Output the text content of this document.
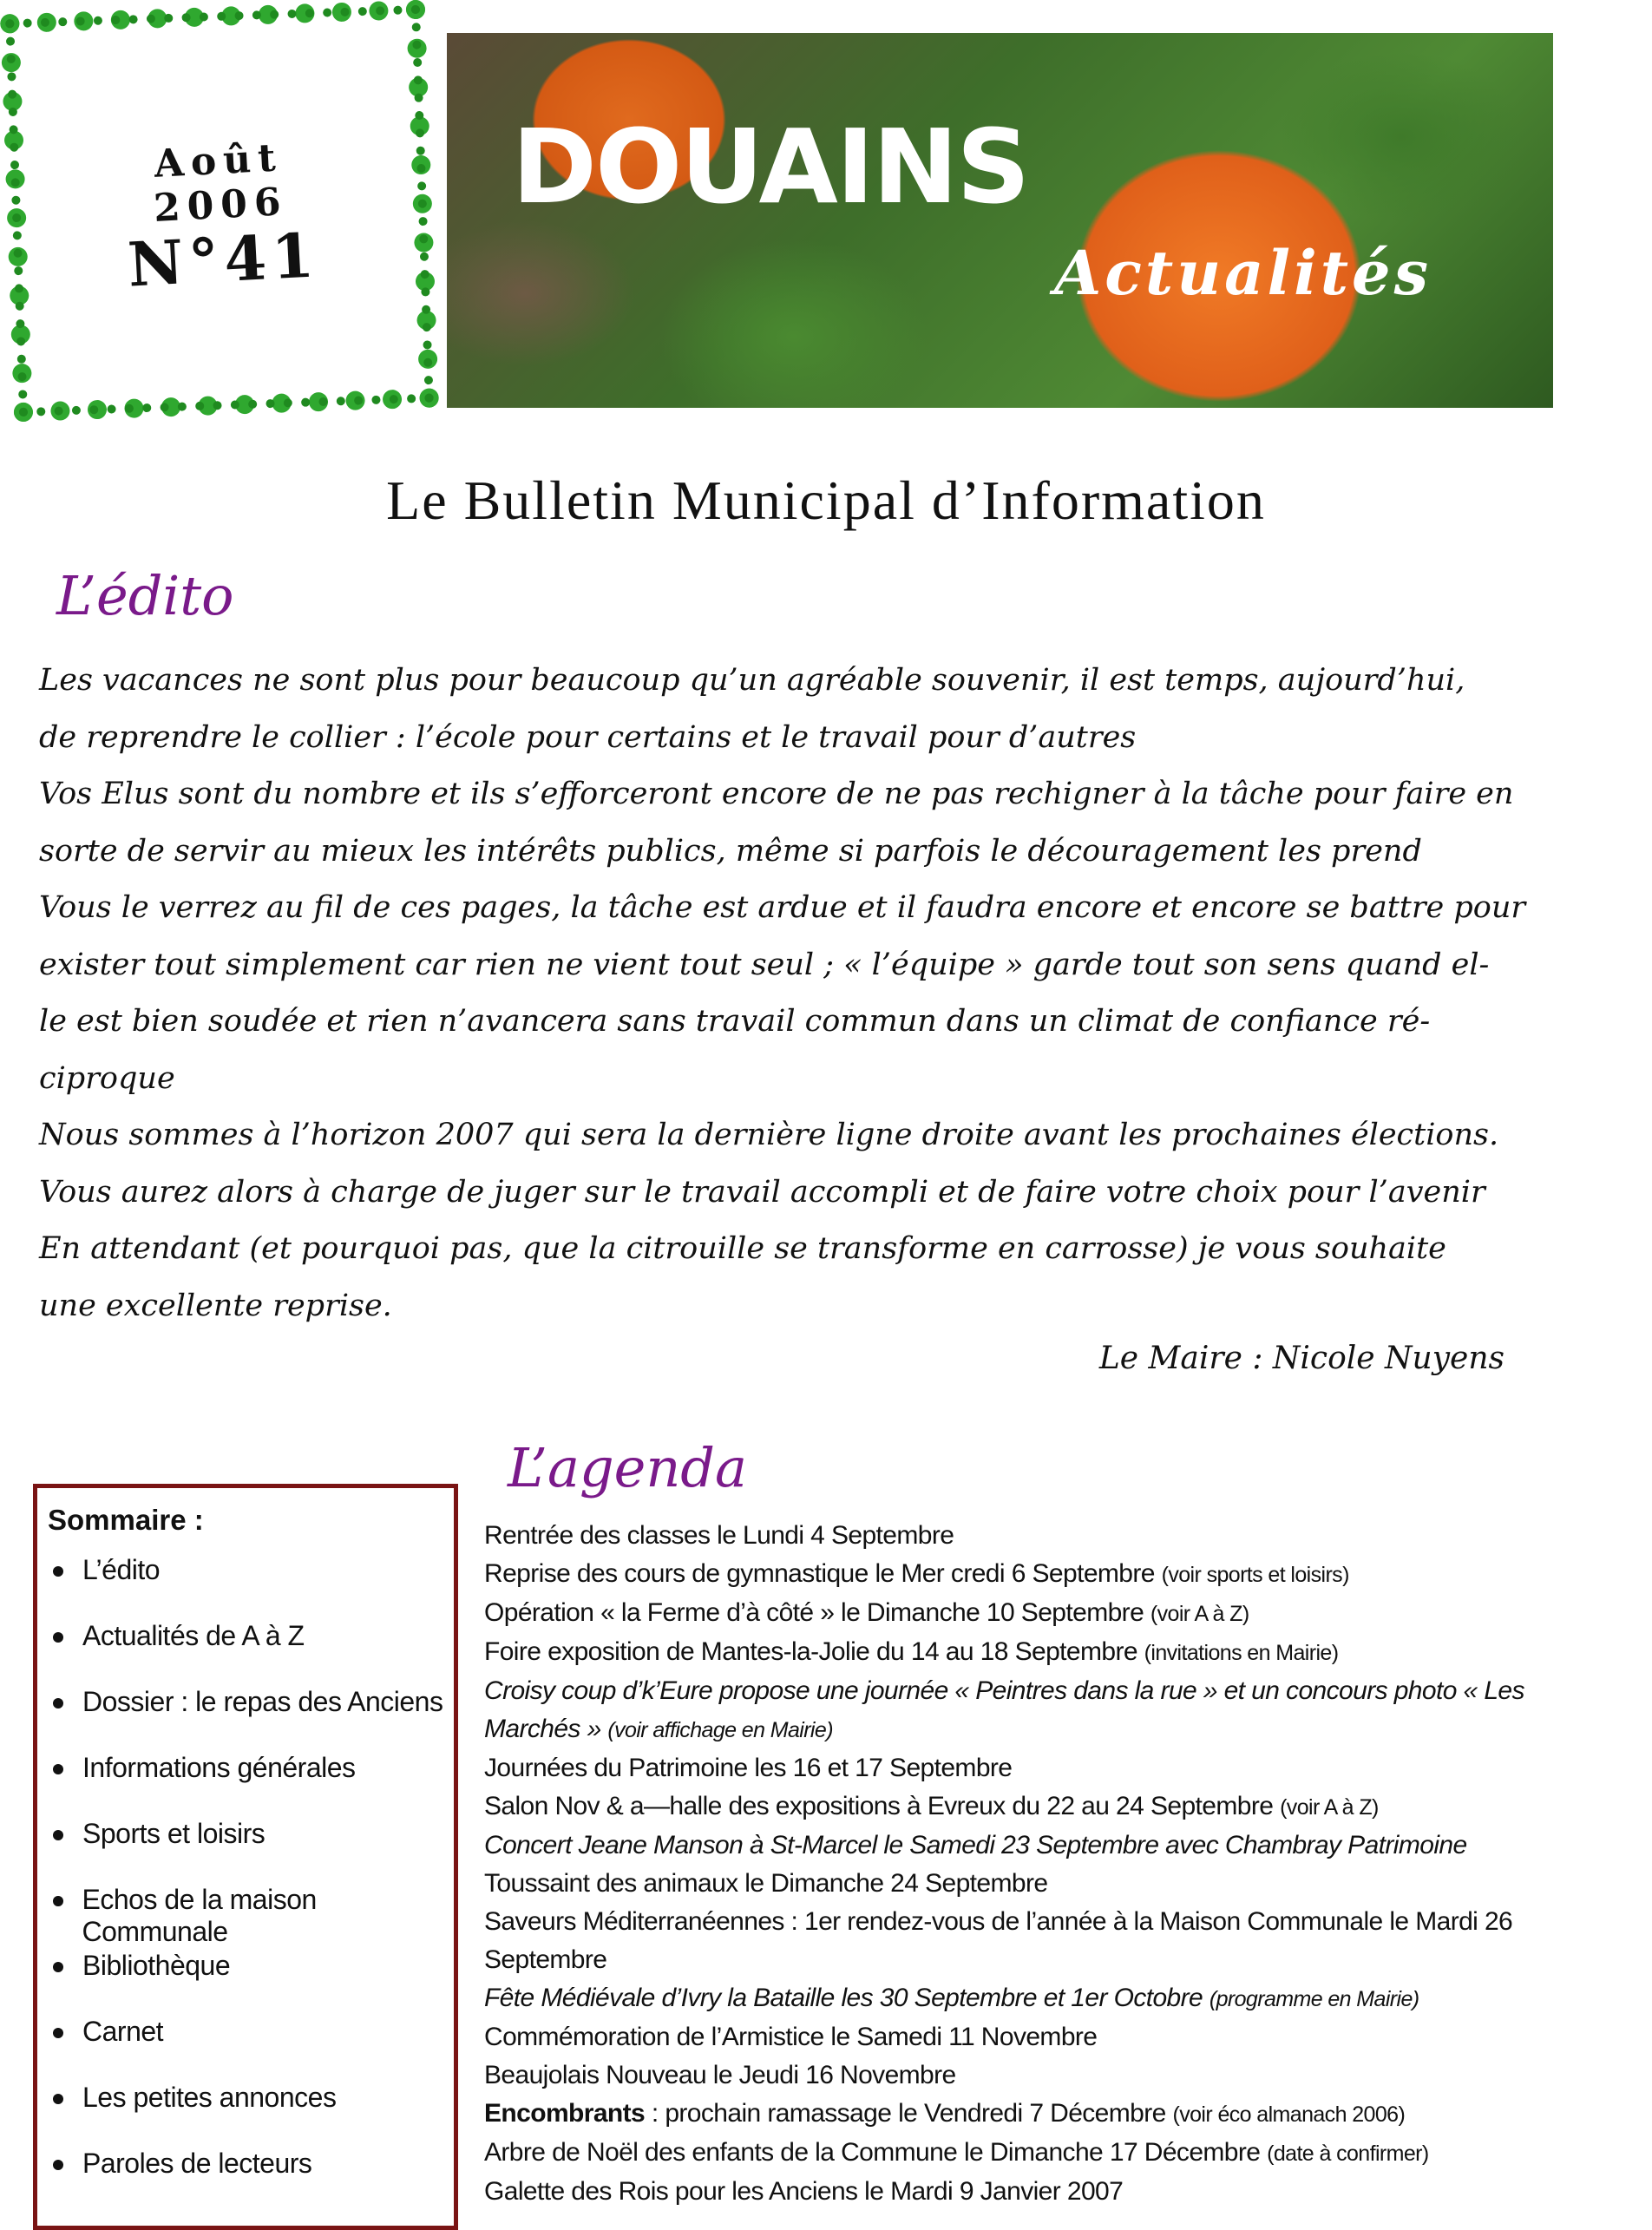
Août 2006
N°41
DOUAINS
Actualités
Le Bulletin Municipal d’Information
L’édito
Les vacances ne sont plus pour beaucoup qu’un agréable souvenir, il est temps, aujourd’hui,
de reprendre le collier : l’école pour certains et le travail pour d’autres
Vos Elus sont du nombre et ils s’efforceront encore de ne pas rechigner à la tâche pour faire en
sorte de servir au mieux les intérêts publics, même si parfois le découragement les prend
Vous le verrez au fil de ces pages, la tâche est ardue et il faudra encore et encore se battre pour
exister tout simplement car rien ne vient tout seul ; « l’équipe » garde tout son sens quand el-
le est bien soudée et rien n’avancera sans travail commun dans un climat de confiance ré-
ciproque
Nous sommes à l’horizon 2007 qui sera la dernière ligne droite avant les prochaines élections.
Vous aurez alors à charge de juger sur le travail accompli et de faire votre choix pour l’avenir
En attendant (et pourquoi pas, que la citrouille se transforme en carrosse) je vous souhaite
une excellente reprise.
Le Maire : Nicole Nuyens
Sommaire :
L’édito
Actualités de A à Z
Dossier : le repas des Anciens
Informations générales
Sports et loisirs
Echos de la maison Communale
Bibliothèque
Carnet
Les petites annonces
Paroles de lecteurs
L’agenda
Rentrée des classes le Lundi 4 Septembre
Reprise des cours de gymnastique le Mer credi 6 Septembre (voir sports et loisirs)
Opération « la Ferme d’à côté » le Dimanche 10 Septembre (voir A à Z)
Foire exposition de Mantes-la-Jolie du 14 au 18 Septembre (invitations en Mairie)
Croisy coup d’k’Eure propose une journée « Peintres dans la rue » et un concours photo « Les Marchés » (voir affichage en Mairie)
Journées du Patrimoine les 16 et 17 Septembre
Salon Nov & a—halle des expositions à Evreux du 22 au 24 Septembre (voir A à Z)
Concert Jeane Manson à St-Marcel le Samedi 23 Septembre avec Chambray Patrimoine
Toussaint des animaux le Dimanche 24 Septembre
Saveurs Méditerranéennes : 1er rendez-vous de l’année à la Maison Communale le Mardi 26 Septembre
Fête Médiévale d’Ivry la Bataille les 30 Septembre et 1er Octobre (programme en Mairie)
Commémoration de l’Armistice le Samedi 11 Novembre
Beaujolais Nouveau le Jeudi 16 Novembre
Encombrants : prochain ramassage le Vendredi 7 Décembre (voir éco almanach 2006)
Arbre de Noël des enfants de la Commune le Dimanche 17 Décembre (date à confirmer)
Galette des Rois pour les Anciens le Mardi 9 Janvier 2007
